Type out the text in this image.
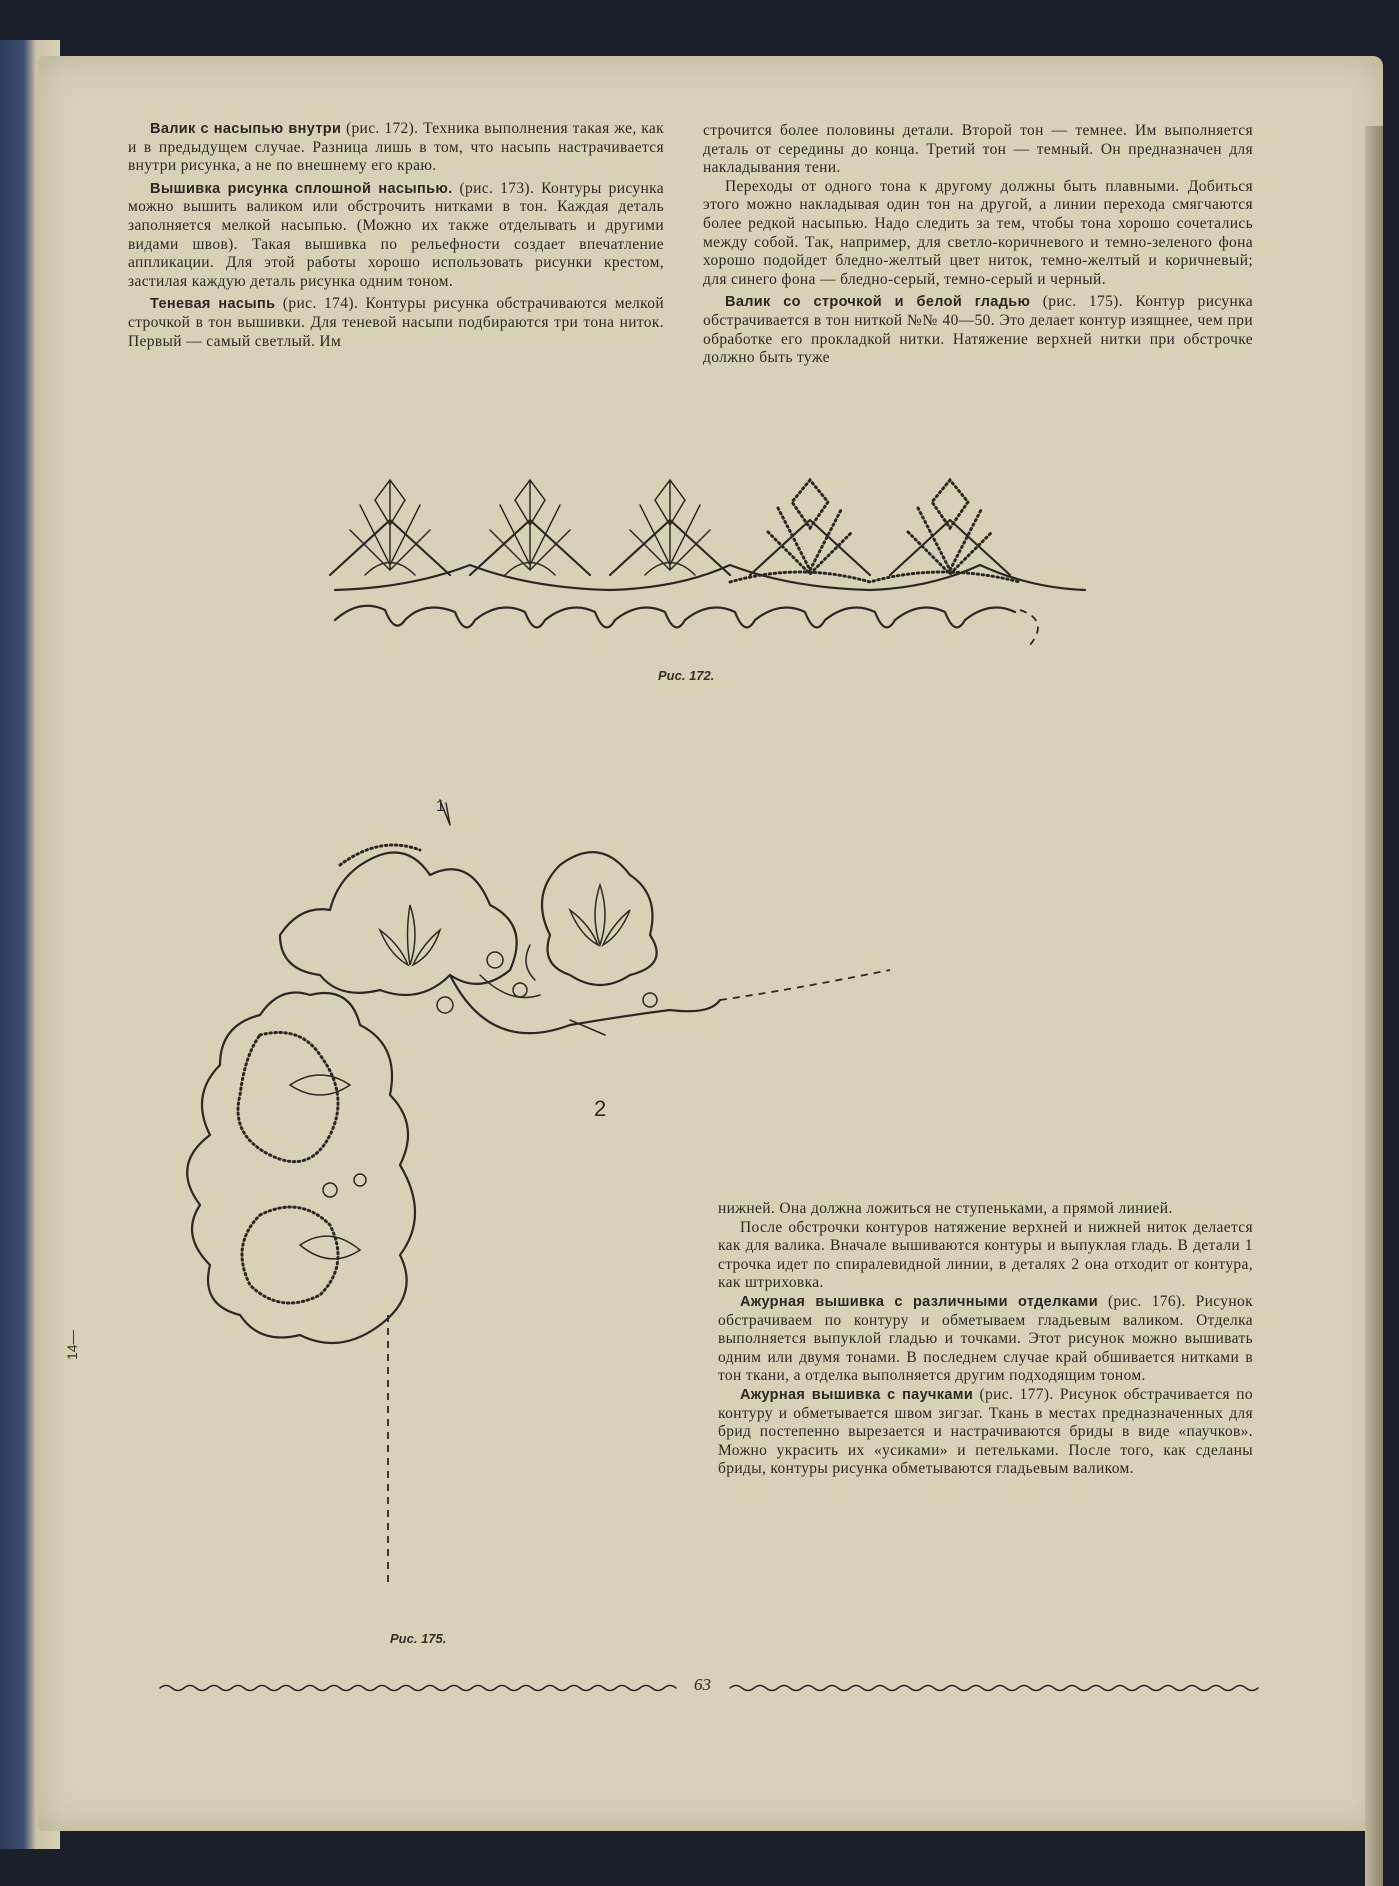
Валик с насыпью внутри (рис. 172). Техника выполнения такая же, как и в предыдущем случае. Разница лишь в том, что насыпь настрачивается внутри рисунка, а не по внешнему его краю.

Вышивка рисунка сплошной насыпью. (рис. 173). Контуры рисунка можно вышить валиком или обстрочить нитками в тон. Каждая деталь заполняется мелкой насыпью. (Можно их также отделывать и другими видами швов). Такая вышивка по рельефности создает впечатление аппликации. Для этой работы хорошо использовать рисунки крестом, застилая каждую деталь рисунка одним тоном.

Теневая насыпь (рис. 174). Контуры рисунка обстрачиваются мелкой строчкой в тон вышивки. Для теневой насыпи подбираются три тона ниток. Первый — самый светлый. Им

строчится более половины детали. Второй тон — темнее. Им выполняется деталь от середины до конца. Третий тон — темный. Он предназначен для накладывания тени.

Переходы от одного тона к другому должны быть плавными. Добиться этого можно накладывая один тон на другой, а линии перехода смягчаются более редкой насыпью. Надо следить за тем, чтобы тона хорошо сочетались между собой. Так, например, для светло-коричневого и темно-зеленого фона хорошо подойдет бледно-желтый цвет ниток, темно-желтый и коричневый; для синего фона — бледно-серый, темно-серый и черный.

Валик со строчкой и белой гладью (рис. 175). Контур рисунка обстрачивается в тон ниткой №№ 40—50. Это делает контур изящнее, чем при обработке его прокладкой нитки. Натяжение верхней нитки при обстрочке должно быть туже

Рис. 172.
1
2
Рис. 175.

нижней. Она должна ложиться не ступеньками, а прямой линией.

После обстрочки контуров натяжение верхней и нижней ниток делается как для валика. Вначале вышиваются контуры и выпуклая гладь. В детали 1 строчка идет по спиралевидной линии, в деталях 2 она отходит от контура, как штриховка.

Ажурная вышивка с различными отделками (рис. 176). Рисунок обстрачиваем по контуру и обметываем гладьевым валиком. Отделка выполняется выпуклой гладью и точками. Этот рисунок можно вышивать одним или двумя тонами. В последнем случае край обшивается нитками в тон ткани, а отделка выполняется другим подходящим тоном.

Ажурная вышивка с паучками (рис. 177). Рисунок обстрачивается по контуру и обметывается швом зигзаг. Ткань в местах предназначенных для брид постепенно вырезается и настрачиваются бриды в виде «паучков». Можно украсить их «усиками» и петельками. После того, как сделаны бриды, контуры рисунка обметываются гладьевым валиком.

14—
63
